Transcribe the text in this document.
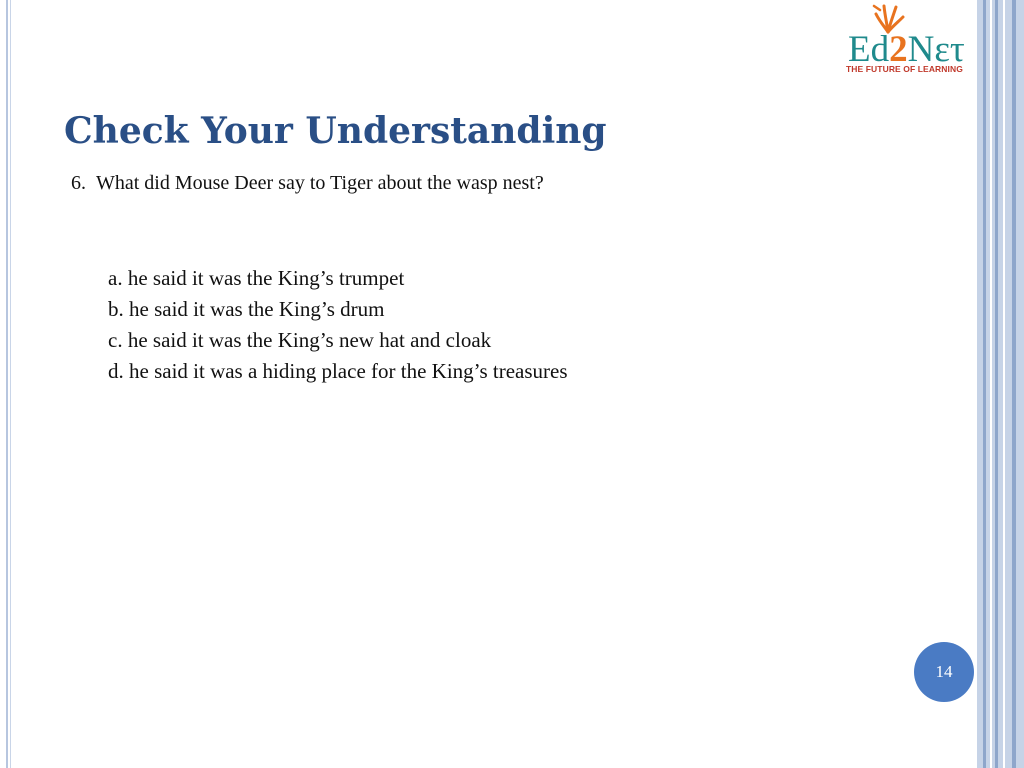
Ed2Nετ
THE FUTURE OF LEARNING
Check Your Understanding
6. What did Mouse Deer say to Tiger about the wasp nest?
a. he said it was the King’s trumpet
b. he said it was the King’s drum
c. he said it was the King’s new hat and cloak
d. he said it was a hiding place for the King’s treasures
14
